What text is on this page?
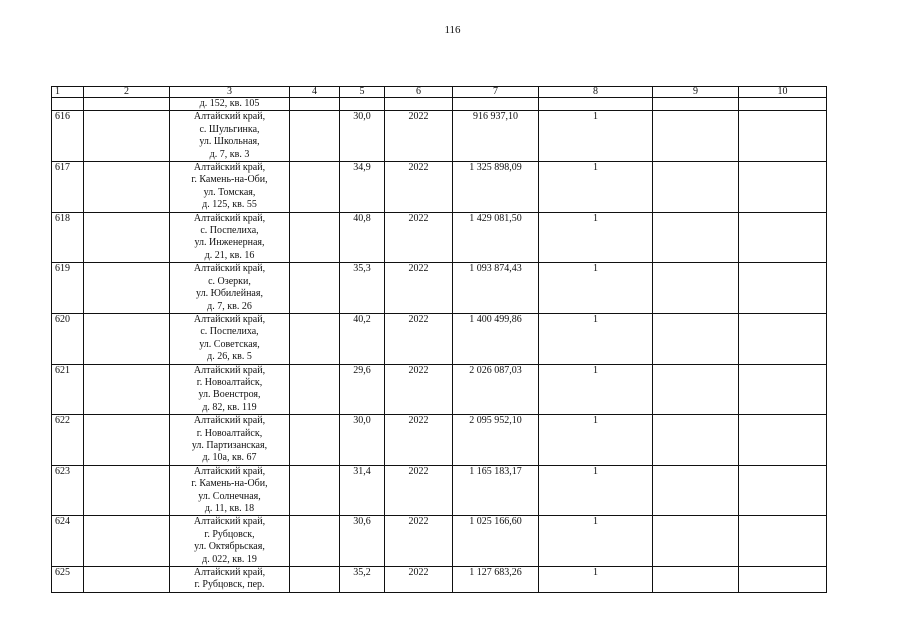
116
1	2	3	4	5	6	7	8	9	10
		д. 152, кв. 105							
616		Алтайский край,
с. Шульгинка,
ул. Школьная,
д. 7, кв. 3		30,0	2022	916 937,10	1		
617		Алтайский край,
г. Камень-на-Оби,
ул. Томская,
д. 125, кв. 55		34,9	2022	1 325 898,09	1		
618		Алтайский край,
с. Поспелиха,
ул. Инженерная,
д. 21, кв. 16		40,8	2022	1 429 081,50	1		
619		Алтайский край,
с. Озерки,
ул. Юбилейная,
д. 7, кв. 26		35,3	2022	1 093 874,43	1		
620		Алтайский край,
с. Поспелиха,
ул. Советская,
д. 26, кв. 5		40,2	2022	1 400 499,86	1		
621		Алтайский край,
г. Новоалтайск,
ул. Военстроя,
д. 82, кв. 119		29,6	2022	2 026 087,03	1		
622		Алтайский край,
г. Новоалтайск,
ул. Партизанская,
д. 10а, кв. 67		30,0	2022	2 095 952,10	1		
623		Алтайский край,
г. Камень-на-Оби,
ул. Солнечная,
д. 11, кв. 18		31,4	2022	1 165 183,17	1		
624		Алтайский край,
г. Рубцовск,
ул. Октябрьская,
д. 022, кв. 19		30,6	2022	1 025 166,60	1		
625		Алтайский край,
г. Рубцовск, пер.		35,2	2022	1 127 683,26	1		
